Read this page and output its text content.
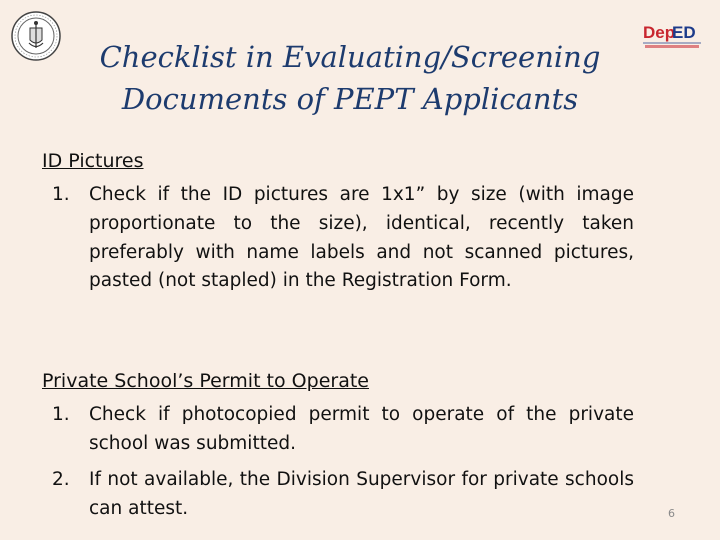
Dep
ED
Checklist in Evaluating/Screening
Documents of PEPT Applicants
ID Pictures
1. Check if the ID pictures are 1x1” by size (with image proportionate to the size), identical, recently taken preferably with name labels and not scanned pictures, pasted (not stapled) in the Registration Form.
Private School’s Permit to Operate
1. Check if photocopied permit to operate of the private school was submitted.
2. If not available, the Division Supervisor for private schools can attest.	6
